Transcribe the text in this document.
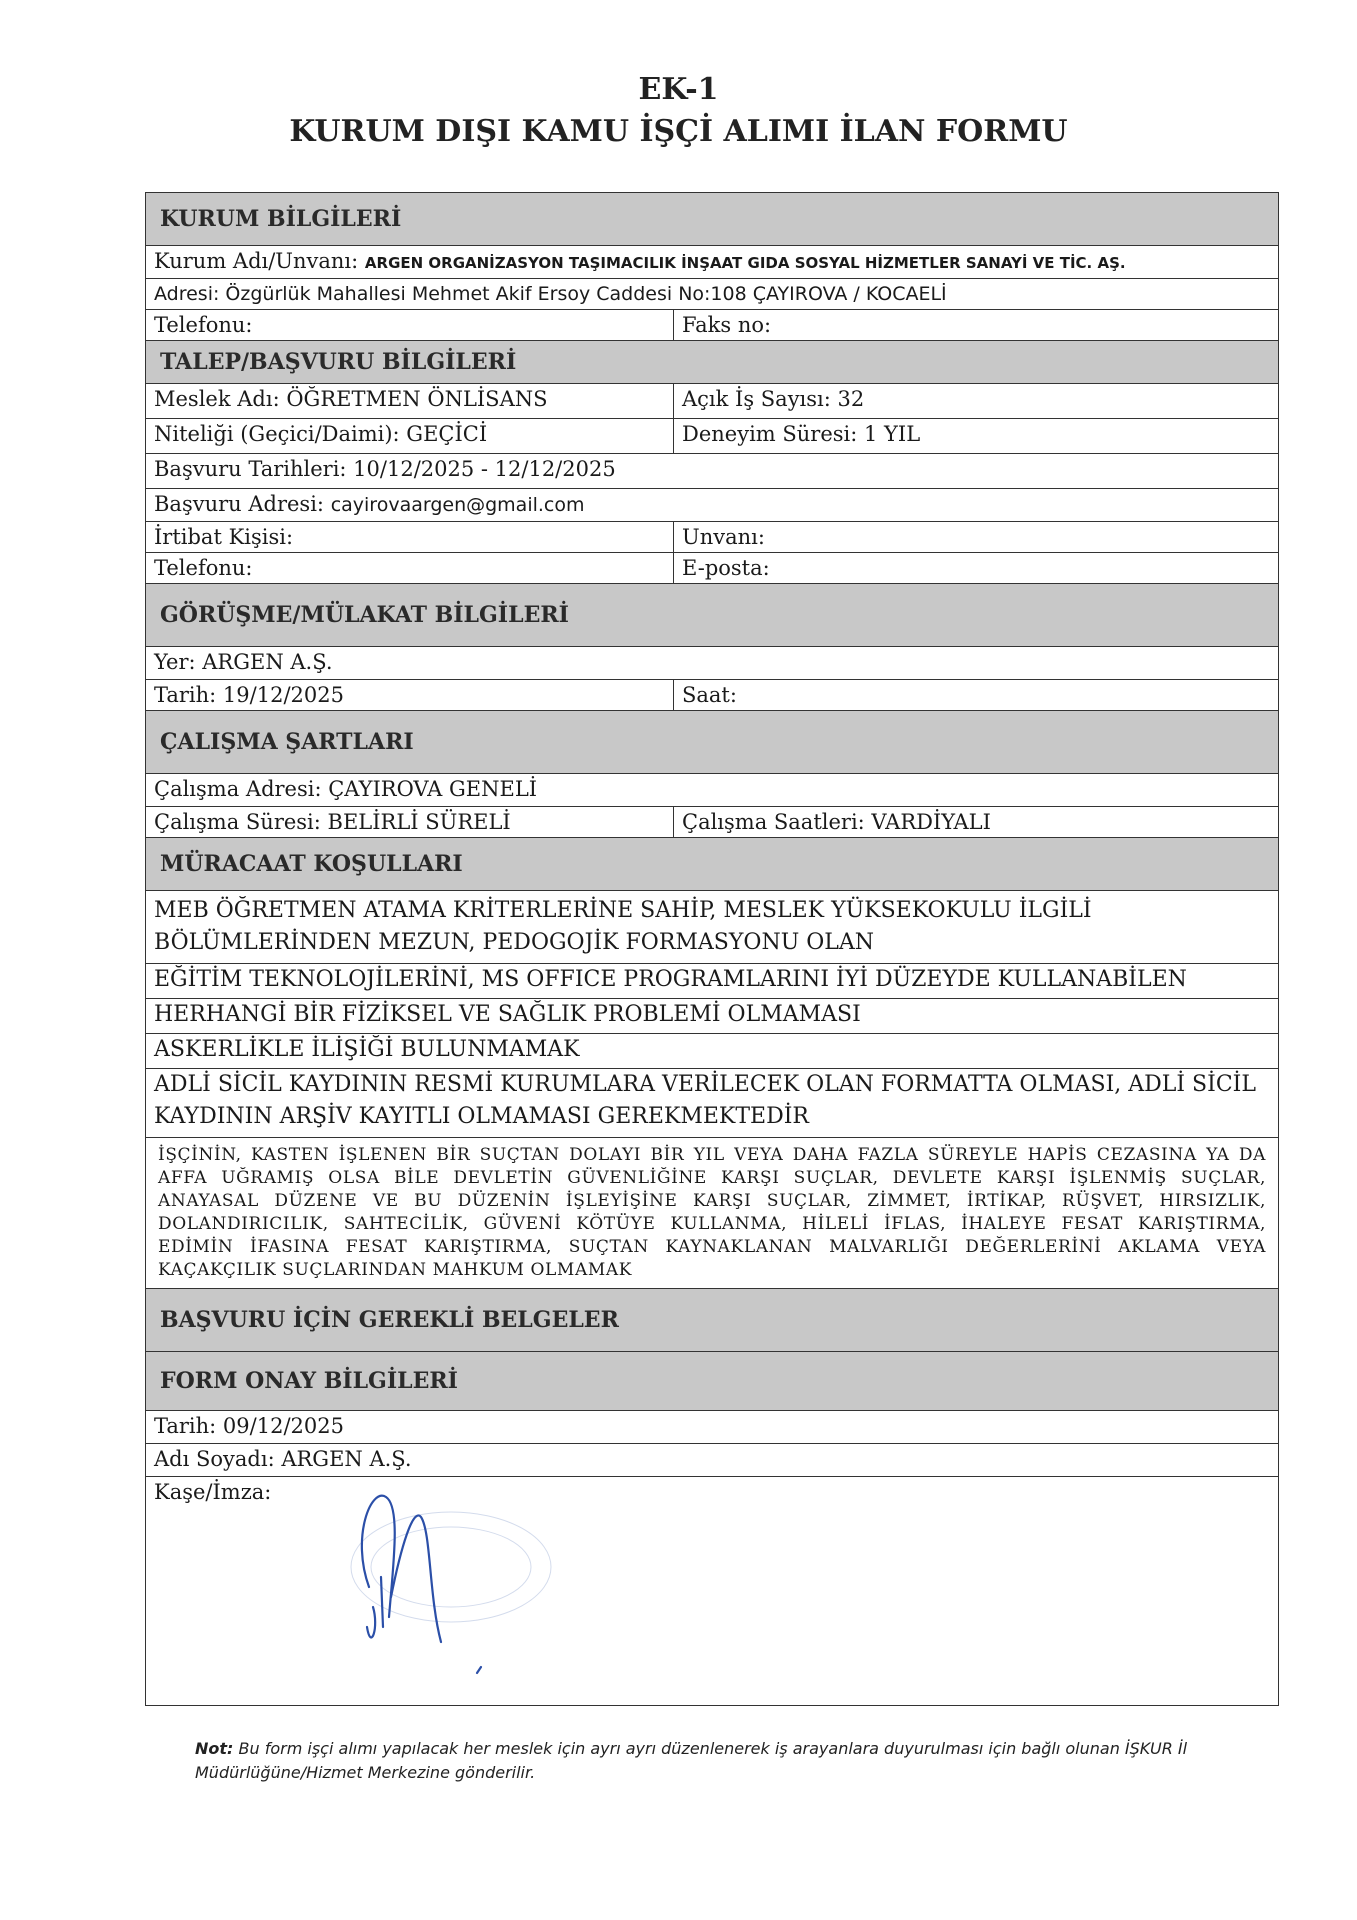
EK-1
KURUM DIŞI KAMU İŞÇİ ALIMI İLAN FORMU
KURUM BİLGİLERİ
Kurum Adı/Unvanı: ARGEN ORGANİZASYON TAŞIMACILIK İNŞAAT GIDA SOSYAL HİZMETLER SANAYİ VE TİC. AŞ.
Adresi: Özgürlük Mahallesi Mehmet Akif Ersoy Caddesi No:108 ÇAYIROVA / KOCAELİ
Telefonu:	Faks no:
TALEP/BAŞVURU BİLGİLERİ
Meslek Adı: ÖĞRETMEN ÖNLİSANS	Açık İş Sayısı: 32
Niteliği (Geçici/Daimi): GEÇİCİ	Deneyim Süresi: 1 YIL
Başvuru Tarihleri: 10/12/2025 - 12/12/2025
Başvuru Adresi: cayirovaargen@gmail.com
İrtibat Kişisi:	Unvanı:
Telefonu:	E-posta:
GÖRÜŞME/MÜLAKAT BİLGİLERİ
Yer: ARGEN A.Ş.
Tarih: 19/12/2025	Saat:
ÇALIŞMA ŞARTLARI
Çalışma Adresi: ÇAYIROVA GENELİ
Çalışma Süresi: BELİRLİ SÜRELİ	Çalışma Saatleri: VARDİYALI
MÜRACAAT KOŞULLARI
MEB ÖĞRETMEN ATAMA KRİTERLERİNE SAHİP, MESLEK YÜKSEKOKULU İLGİLİ BÖLÜMLERİNDEN MEZUN, PEDOGOJİK FORMASYONU OLAN
EĞİTİM TEKNOLOJİLERİNİ, MS OFFICE PROGRAMLARINI İYİ DÜZEYDE KULLANABİLEN
HERHANGİ BİR FİZİKSEL VE SAĞLIK PROBLEMİ OLMAMASI
ASKERLİKLE İLİŞİĞİ BULUNMAMAK
ADLİ SİCİL KAYDININ RESMİ KURUMLARA VERİLECEK OLAN FORMATTA OLMASI, ADLİ SİCİL KAYDININ ARŞİV KAYITLI OLMAMASI GEREKMEKTEDİR
İŞÇİNİN, KASTEN İŞLENEN BİR SUÇTAN DOLAYI BİR YIL VEYA DAHA FAZLA SÜREYLE HAPİS CEZASINA YA DA AFFA UĞRAMIŞ OLSA BİLE DEVLETİN GÜVENLİĞİNE KARŞI SUÇLAR, DEVLETE KARŞI İŞLENMİŞ SUÇLAR, ANAYASAL DÜZENE VE BU DÜZENİN İŞLEYİŞİNE KARŞI SUÇLAR, ZİMMET, İRTİKAP, RÜŞVET, HIRSIZLIK, DOLANDIRICILIK, SAHTECİLİK, GÜVENİ KÖTÜYE KULLANMA, HİLELİ İFLAS, İHALEYE FESAT KARIŞTIRMA, EDİMİN İFASINA FESAT KARIŞTIRMA, SUÇTAN KAYNAKLANAN MALVARLIĞI DEĞERLERİNİ AKLAMA VEYA KAÇAKÇILIK SUÇLARINDAN MAHKUM OLMAMAK
BAŞVURU İÇİN GEREKLİ BELGELER
FORM ONAY BİLGİLERİ
Tarih: 09/12/2025
Adı Soyadı: ARGEN A.Ş.
Kaşe/İmza:
Not: Bu form işçi alımı yapılacak her meslek için ayrı ayrı düzenlenerek iş arayanlara duyurulması için bağlı olunan İŞKUR İl Müdürlüğüne/Hizmet Merkezine gönderilir.
